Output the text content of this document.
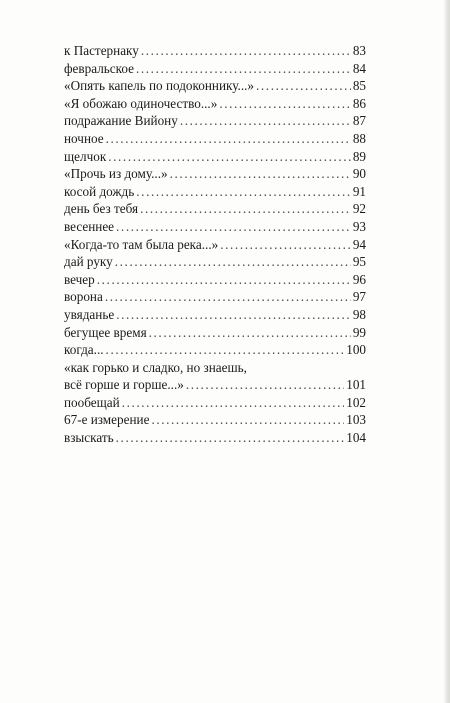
к Пастернаку .....	83
февральское .....	84
«Опять капель по подоконнику...» .....	85
«Я обожаю одиночество...» .....	86
подражание Вийону .....	87
ночное .....	88
щелчок .....	89
«Прочь из дому...» .....	90
косой дождь .....	91
день без тебя .....	92
весеннее .....	93
«Когда-то там была река...» .....	94
дай руку .....	95
вечер .....	96
ворона .....	97
увяданье .....	98
бегущее время .....	99
когда... .....	100
«как горько и сладко, но знаешь,
всё горше и горше...» .....	101
пообещай .....	102
67-е измерение .....	103
взыскать .....	104
